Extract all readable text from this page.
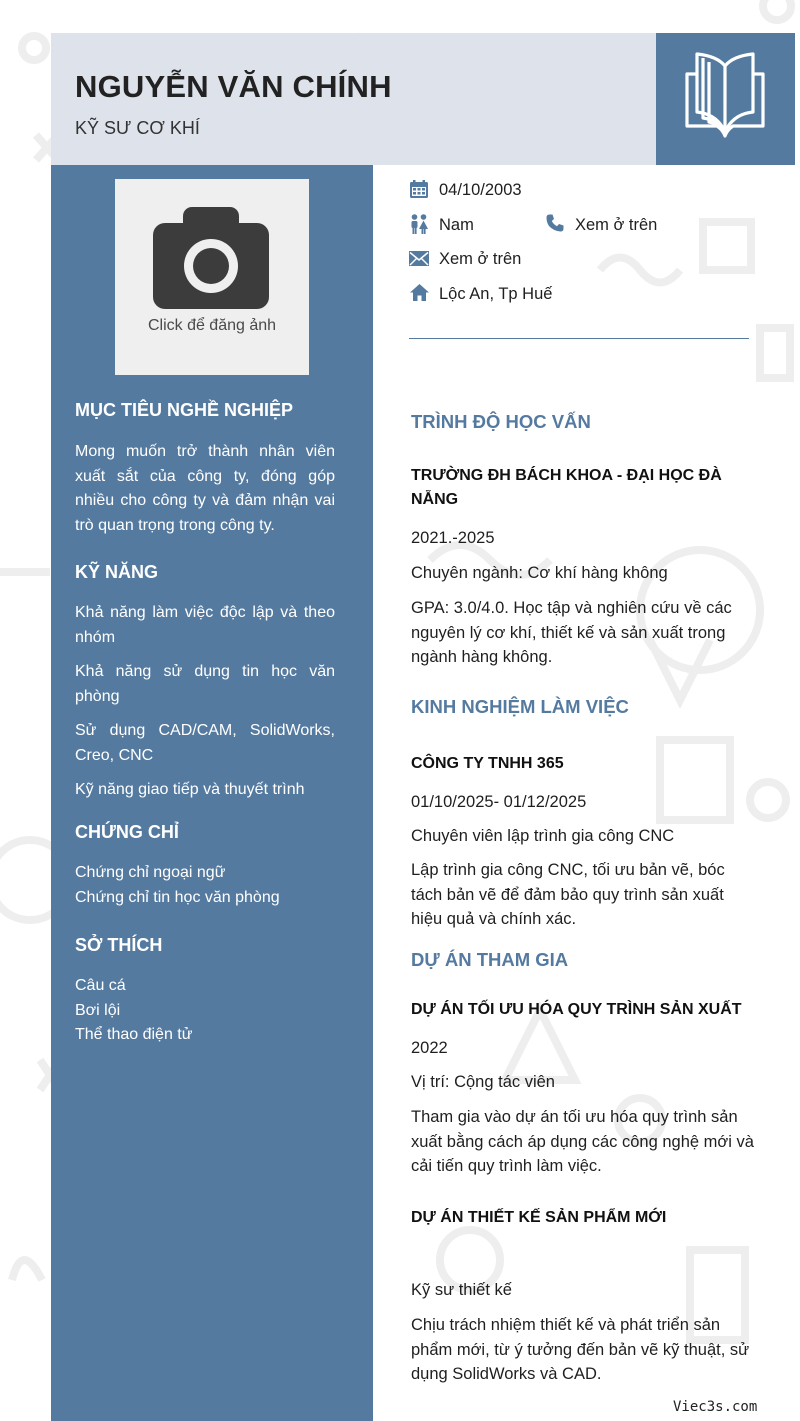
NGUYỄN VĂN CHÍNH
KỸ SƯ CƠ KHÍ
Click để đăng ảnh
MỤC TIÊU NGHỀ NGHIỆP
Mong muốn trở thành nhân viên xuất sắt của công ty, đóng góp nhiều cho công ty và đảm nhận vai trò quan trọng trong công ty.
KỸ NĂNG
Khả năng làm việc độc lập và theo nhóm
Khả năng sử dụng tin học văn phòng
Sử dụng CAD/CAM, SolidWorks, Creo, CNC
Kỹ năng giao tiếp và thuyết trình
CHỨNG CHỈ
Chứng chỉ ngoại ngữ
Chứng chỉ tin học văn phòng
SỞ THÍCH
Câu cá
Bơi lội
Thể thao điện tử
04/10/2003
Nam	Xem ở trên
Xem ở trên
Lộc An, Tp Huế
TRÌNH ĐỘ HỌC VẤN
TRƯỜNG ĐH BÁCH KHOA - ĐẠI HỌC ĐÀ NẴNG
2021.-2025
Chuyên ngành: Cơ khí hàng không
GPA: 3.0/4.0. Học tập và nghiên cứu về các nguyên lý cơ khí, thiết kế và sản xuất trong ngành hàng không.
KINH NGHIỆM LÀM VIỆC
CÔNG TY TNHH 365
01/10/2025- 01/12/2025
Chuyên viên lập trình gia công CNC
Lập trình gia công CNC, tối ưu bản vẽ, bóc tách bản vẽ để đảm bảo quy trình sản xuất hiệu quả và chính xác.
DỰ ÁN THAM GIA
DỰ ÁN TỐI ƯU HÓA QUY TRÌNH SẢN XUẤT
2022
Vị trí: Cộng tác viên
Tham gia vào dự án tối ưu hóa quy trình sản xuất bằng cách áp dụng các công nghệ mới và cải tiến quy trình làm việc.
DỰ ÁN THIẾT KẾ SẢN PHẨM MỚI
Kỹ sư thiết kế
Chịu trách nhiệm thiết kế và phát triển sản phẩm mới, từ ý tưởng đến bản vẽ kỹ thuật, sử dụng SolidWorks và CAD.
Viec3s.com
